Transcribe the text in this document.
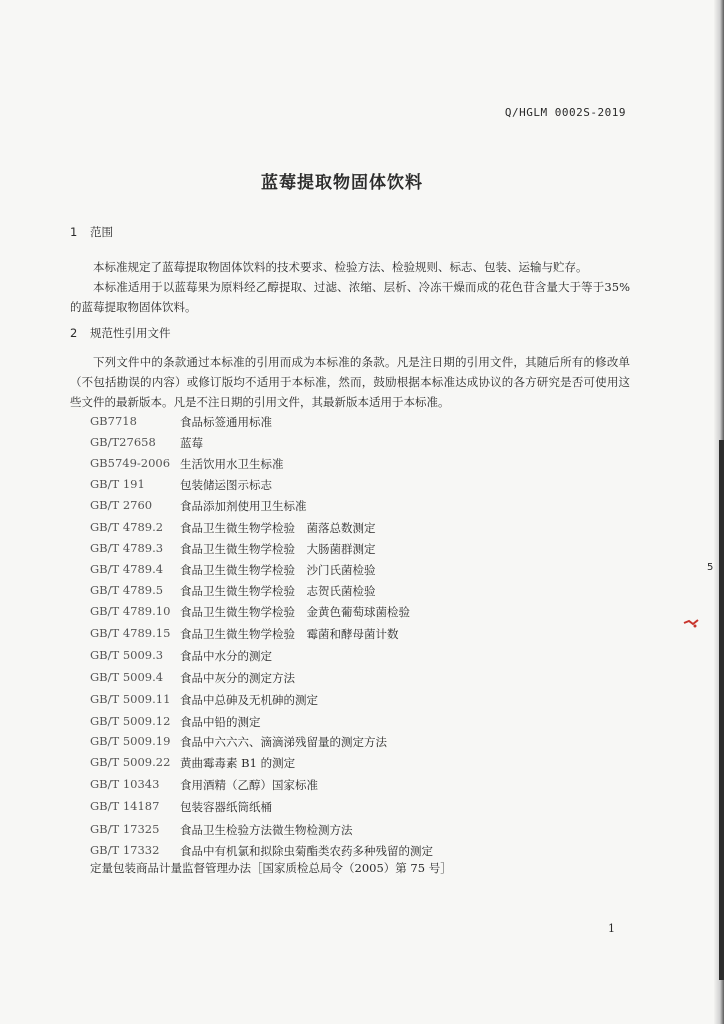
Q/HGLM 0002S-2019
蓝莓提取物固体饮料
1 范围

本标准规定了蓝莓提取物固体饮料的技术要求、检验方法、检验规则、标志、包装、运输与贮存。

本标准适用于以蓝莓果为原料经乙醇提取、过滤、浓缩、层析、冷冻干燥而成的花色苷含量大于等于35%的蓝莓提取物固体饮料。

2 规范性引用文件

下列文件中的条款通过本标准的引用而成为本标准的条款。凡是注日期的引用文件，其随后所有的修改单（不包括勘误的内容）或修订版均不适用于本标准，然而，鼓励根据本标准达成协议的各方研究是否可使用这些文件的最新版本。凡是不注日期的引用文件，其最新版本适用于本标准。

GB7718	食品标签通用标准
GB/T27658 蓝莓
GB5749-2006 生活饮用水卫生标准
GB/T 191	包装储运图示标志
GB/T 2760 食品添加剂使用卫生标准
GB/T 4789.2 食品卫生微生物学检验　菌落总数测定
GB/T 4789.3 食品卫生微生物学检验　大肠菌群测定
GB/T 4789.4 食品卫生微生物学检验　沙门氏菌检验
GB/T 4789.5 食品卫生微生物学检验　志贺氏菌检验
GB/T 4789.10 食品卫生微生物学检验　金黄色葡萄球菌检验
GB/T 4789.15 食品卫生微生物学检验　霉菌和酵母菌计数
GB/T 5009.3 食品中水分的测定
GB/T 5009.4 食品中灰分的测定方法
GB/T 5009.11 食品中总砷及无机砷的测定
GB/T 5009.12 食品中铅的测定
GB/T 5009.19 食品中六六六、滴滴涕残留量的测定方法
GB/T 5009.22 黄曲霉毒素 B1 的测定
GB/T 10343 食用酒精（乙醇）国家标准
GB/T 14187 包装容器纸筒纸桶
GB/T 17325 食品卫生检验方法微生物检测方法
GB/T 17332 食品中有机氯和拟除虫菊酯类农药多种残留的测定
定量包装商品计量监督管理办法［国家质检总局令（2005）第 75 号］
1
5
